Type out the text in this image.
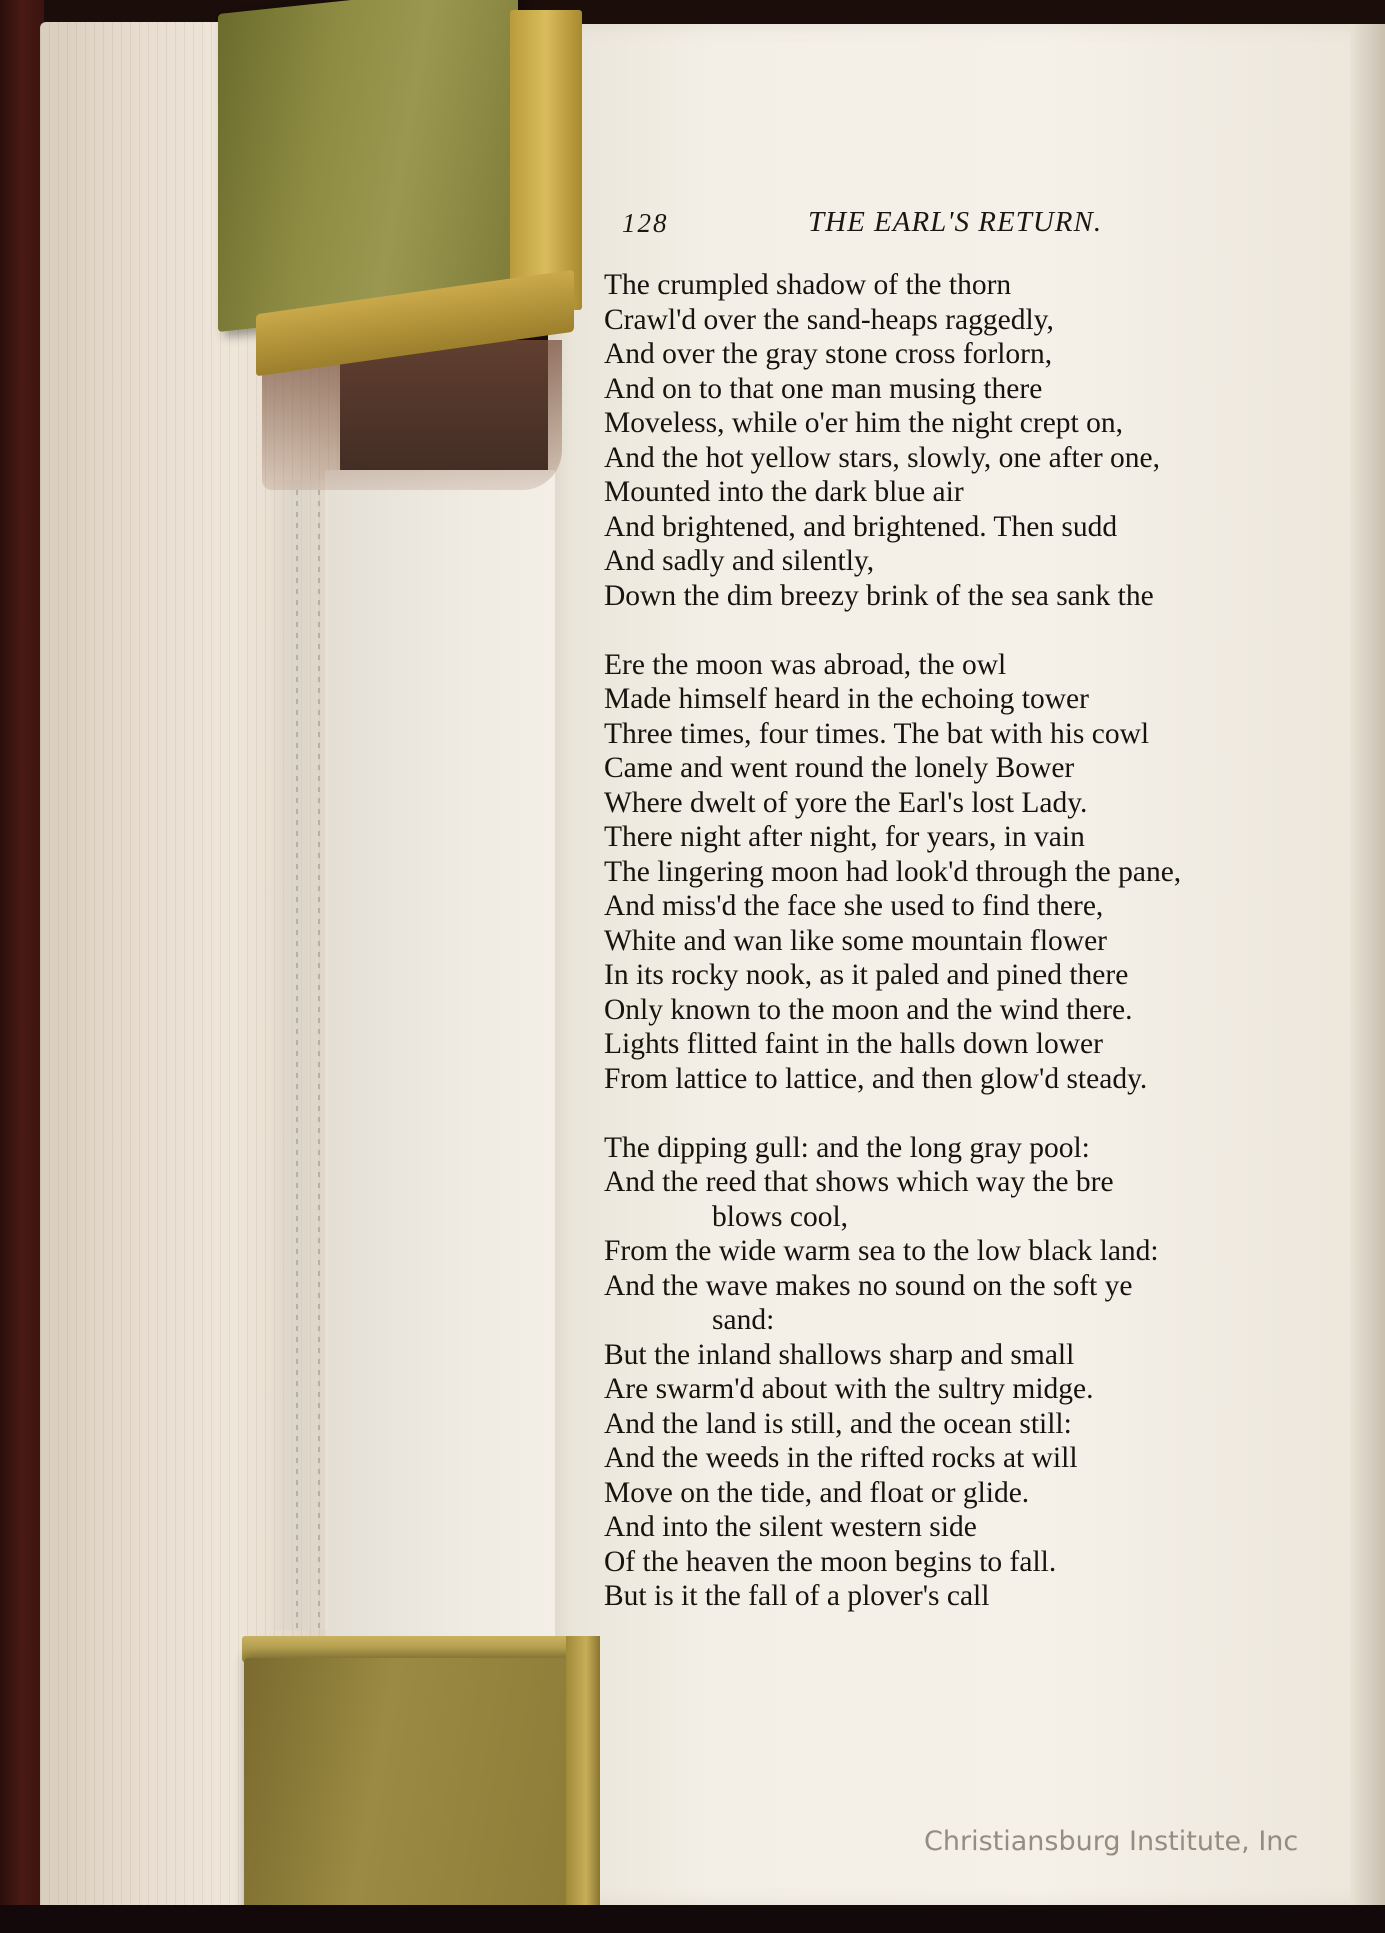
128	THE EARL'S RETURN.
The crumpled shadow of the thorn
Crawl'd over the sand-heaps raggedly,
And over the gray stone cross forlorn,
And on to that one man musing there
Moveless, while o'er him the night crept on,
And the hot yellow stars, slowly, one after one,
Mounted into the dark blue air
And brightened, and brightened. Then sudd
And sadly and silently,
Down the dim breezy brink of the sea sank the
Ere the moon was abroad, the owl
Made himself heard in the echoing tower
Three times, four times. The bat with his cowl
Came and went round the lonely Bower
Where dwelt of yore the Earl's lost Lady.
There night after night, for years, in vain
The lingering moon had look'd through the pane,
And miss'd the face she used to find there,
White and wan like some mountain flower
In its rocky nook, as it paled and pined there
Only known to the moon and the wind there.
Lights flitted faint in the halls down lower
From lattice to lattice, and then glow'd steady.
The dipping gull: and the long gray pool:
And the reed that shows which way the bre
blows cool,
From the wide warm sea to the low black land:
And the wave makes no sound on the soft ye
sand:
But the inland shallows sharp and small
Are swarm'd about with the sultry midge.
And the land is still, and the ocean still:
And the weeds in the rifted rocks at will
Move on the tide, and float or glide.
And into the silent western side
Of the heaven the moon begins to fall.
But is it the fall of a plover's call
Christiansburg Institute, Inc
